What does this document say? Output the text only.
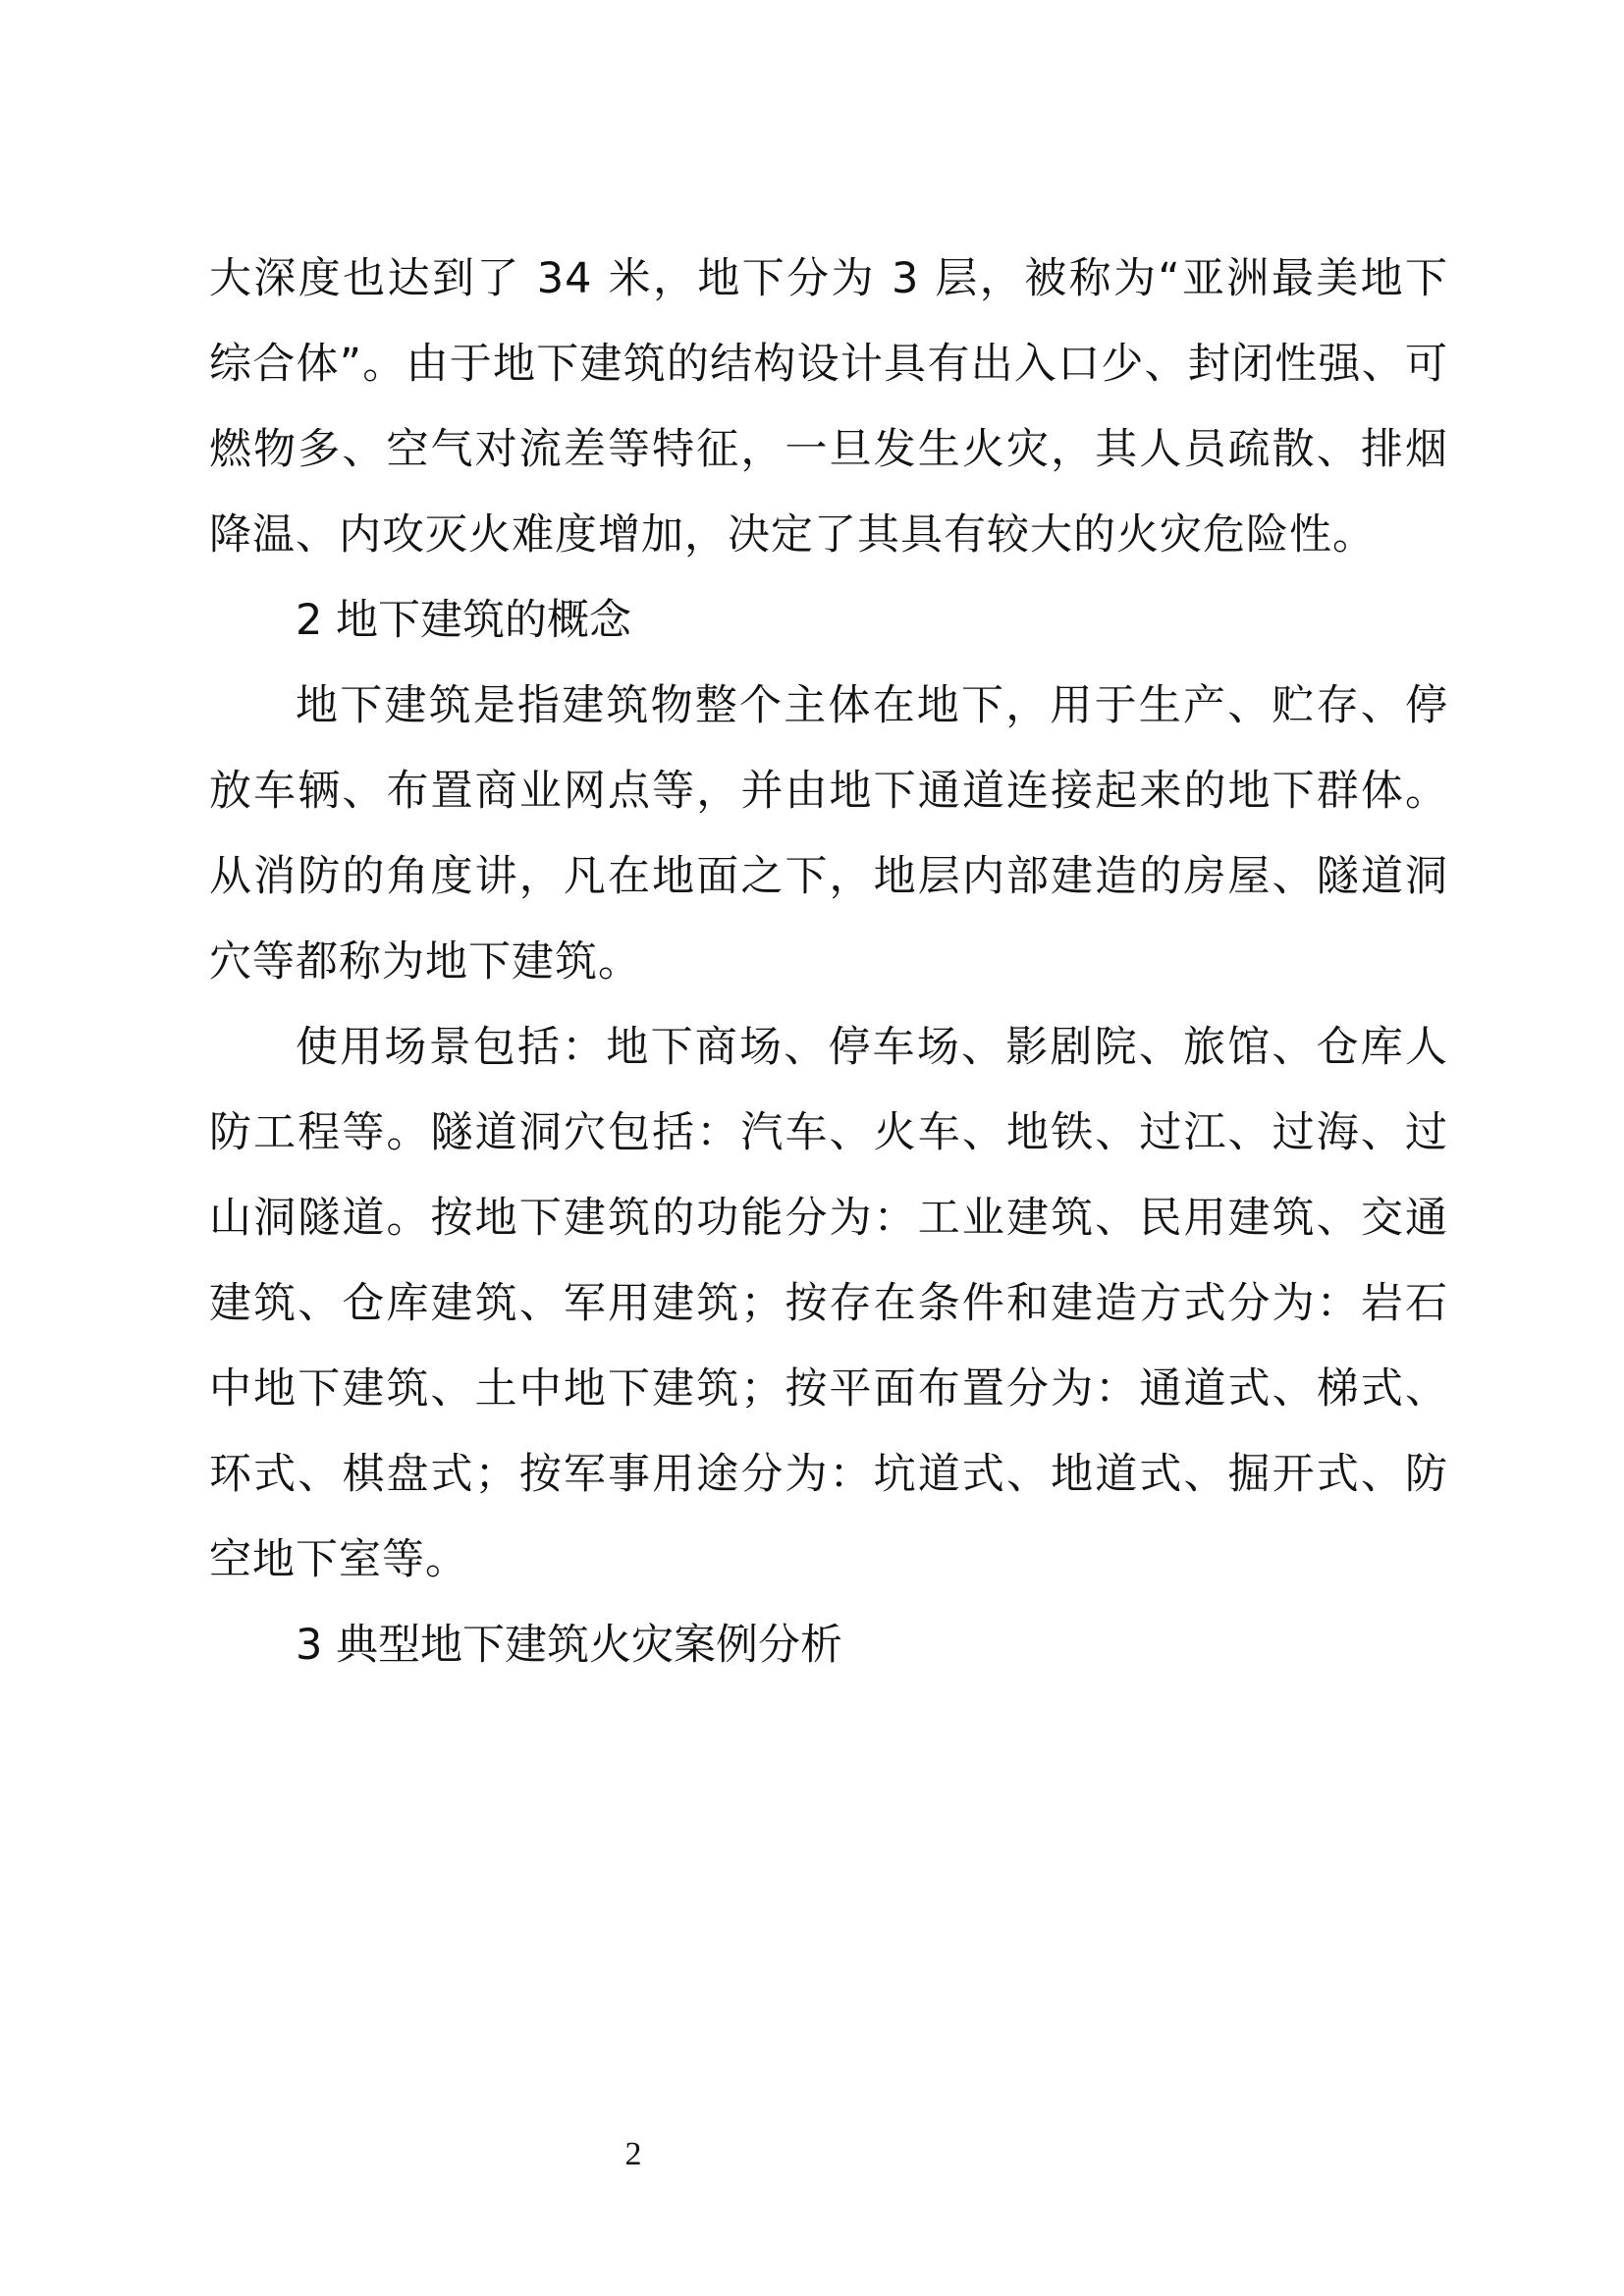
大深度也达到了 34 米，地下分为 3 层，被称为“亚洲最美地下综合体”。由于地下建筑的结构设计具有出入口少、封闭性强、可燃物多、空气对流差等特征，一旦发生火灾，其人员疏散、排烟降温、内攻灭火难度增加，决定了其具有较大的火灾危险性。

2 地下建筑的概念

地下建筑是指建筑物整个主体在地下，用于生产、贮存、停放车辆、布置商业网点等，并由地下通道连接起来的地下群体。从消防的角度讲，凡在地面之下，地层内部建造的房屋、隧道洞穴等都称为地下建筑。

使用场景包括：地下商场、停车场、影剧院、旅馆、仓库人防工程等。隧道洞穴包括：汽车、火车、地铁、过江、过海、过山洞隧道。按地下建筑的功能分为：工业建筑、民用建筑、交通建筑、仓库建筑、军用建筑；按存在条件和建造方式分为：岩石中地下建筑、土中地下建筑；按平面布置分为：通道式、梯式、环式、棋盘式；按军事用途分为：坑道式、地道式、掘开式、防空地下室等。

3 典型地下建筑火灾案例分析

2
